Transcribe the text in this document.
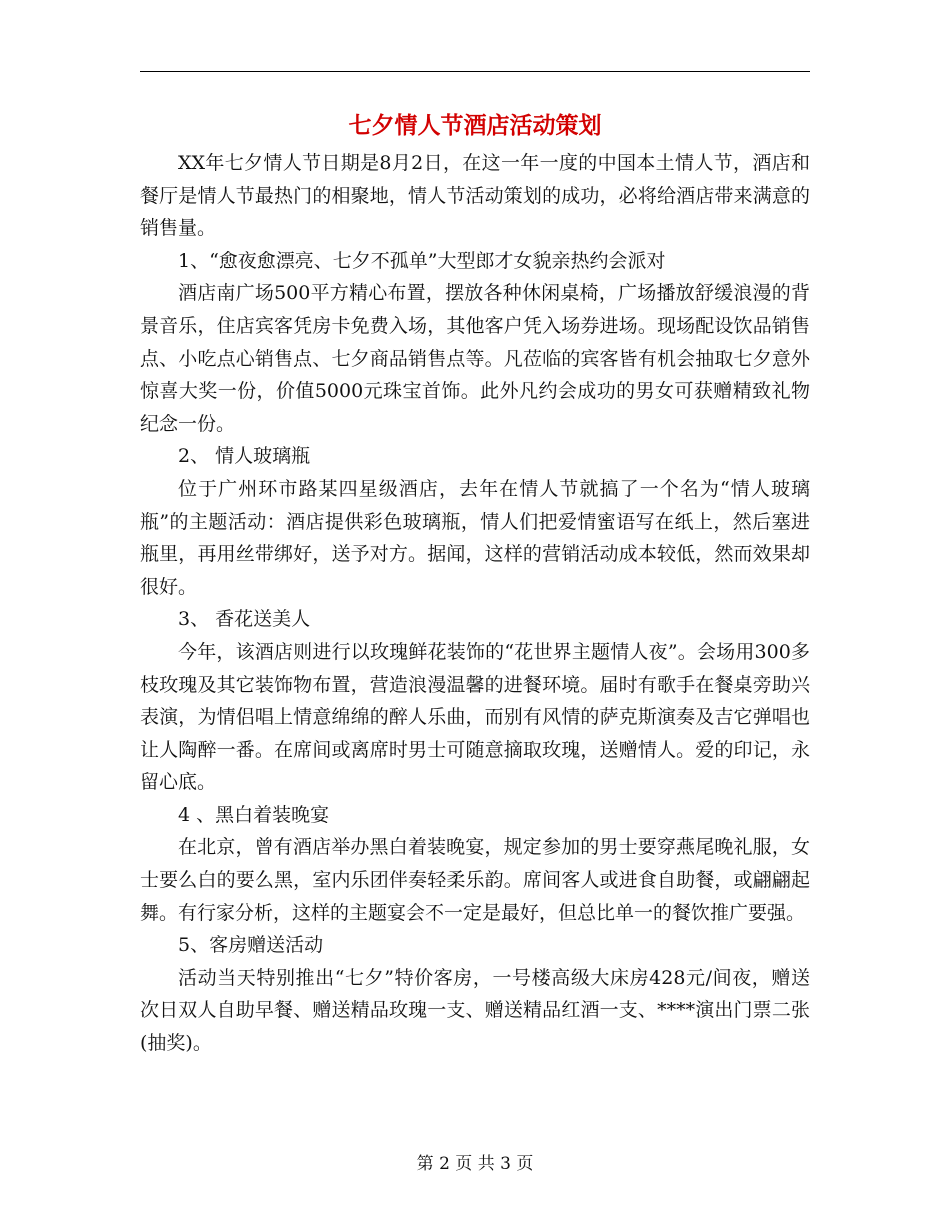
七夕情人节酒店活动策划

XX年七夕情人节日期是8月2日，在这一年一度的中国本土情人节，酒店和餐厅是情人节最热门的相聚地，情人节活动策划的成功，必将给酒店带来满意的销售量。

1、“愈夜愈漂亮、七夕不孤单”大型郎才女貌亲热约会派对

酒店南广场500平方精心布置，摆放各种休闲桌椅，广场播放舒缓浪漫的背景音乐，住店宾客凭房卡免费入场，其他客户凭入场券进场。现场配设饮品销售点、小吃点心销售点、七夕商品销售点等。凡莅临的宾客皆有机会抽取七夕意外惊喜大奖一份，价值5000元珠宝首饰。此外凡约会成功的男女可获赠精致礼物纪念一份。

2、 情人玻璃瓶

位于广州环市路某四星级酒店，去年在情人节就搞了一个名为“情人玻璃瓶”的主题活动：酒店提供彩色玻璃瓶，情人们把爱情蜜语写在纸上，然后塞进瓶里，再用丝带绑好，送予对方。据闻，这样的营销活动成本较低，然而效果却很好。

3、 香花送美人

今年，该酒店则进行以玫瑰鲜花装饰的“花世界主题情人夜”。会场用300多枝玫瑰及其它装饰物布置，营造浪漫温馨的进餐环境。届时有歌手在餐桌旁助兴表演，为情侣唱上情意绵绵的醉人乐曲，而别有风情的萨克斯演奏及吉它弹唱也让人陶醉一番。在席间或离席时男士可随意摘取玫瑰，送赠情人。爱的印记，永留心底。

4 、黑白着装晚宴

在北京，曾有酒店举办黑白着装晚宴，规定参加的男士要穿燕尾晚礼服，女士要么白的要么黑，室内乐团伴奏轻柔乐韵。席间客人或进食自助餐，或翩翩起舞。有行家分析，这样的主题宴会不一定是最好，但总比单一的餐饮推广要强。

5、客房赠送活动

活动当天特别推出“七夕”特价客房，一号楼高级大床房428元/间夜，赠送次日双人自助早餐、赠送精品玫瑰一支、赠送精品红酒一支、****演出门票二张(抽奖)。

第 2 页 共 3 页
